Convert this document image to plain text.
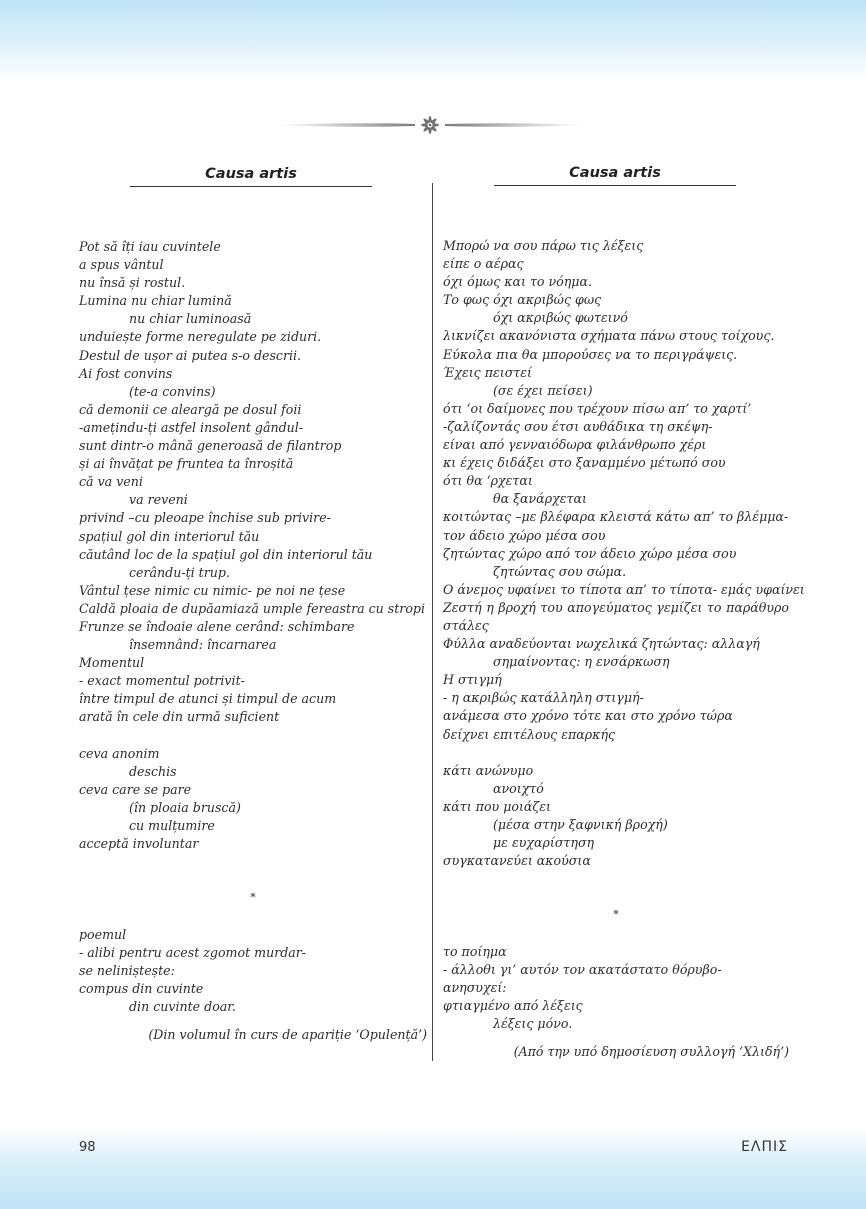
Causa artis	Causa artis
Pot să îți iau cuvintele
a spus vântul
nu însă și rostul.
Lumina nu chiar lumină
nu chiar luminoasă
unduiește forme neregulate pe ziduri.
Destul de ușor ai putea s-o descrii.
Ai fost convins
(te-a convins)
că demonii ce aleargă pe dosul foii
-amețindu-ți astfel insolent gândul-
sunt dintr-o mână generoasă de filantrop
și ai învățat pe fruntea ta înroșită
că va veni
va reveni
privind –cu pleoape închise sub privire-
spațiul gol din interiorul tău
căutând loc de la spațiul gol din interiorul tău
cerându-ți trup.
Vântul țese nimic cu nimic- pe noi ne țese
Caldă ploaia de dupăamiază umple fereastra cu stropi
Frunze se îndoaie alene cerând: schimbare
însemnând: încarnarea
Momentul
- exact momentul potrivit-
între timpul de atunci și timpul de acum
arată în cele din urmă suficient
ceva anonim
deschis
ceva care se pare
(în ploaia bruscă)
cu mulțumire
acceptă involuntar
*
poemul
- alibi pentru acest zgomot murdar-
se neliniștește:
compus din cuvinte
din cuvinte doar.
(Din volumul în curs de apariție ‘Opulență’)
Μπορώ να σου πάρω τις λέξεις
είπε ο αέρας
όχι όμως και το νόημα.
Το φως όχι ακριβώς φως
όχι ακριβώς φωτεινό
λικνίζει ακανόνιστα σχήματα πάνω στους τοίχους.
Εύκολα πια θα μπορούσες να το περιγράψεις.
Έχεις πειστεί
(σε έχει πείσει)
ότι ‘οι δαίμονες που τρέχουν πίσω απ’ το χαρτί’
-ζαλίζοντάς σου έτσι αυθάδικα τη σκέψη-
είναι από γενναιόδωρα φιλάνθρωπο χέρι
κι έχεις διδάξει στο ξαναμμένο μέτωπό σου
ότι θα ‘ρχεται
θα ξανάρχεται
κοιτώντας –με βλέφαρα κλειστά κάτω απ’ το βλέμμα-
τον άδειο χώρο μέσα σου
ζητώντας χώρο από τον άδειο χώρο μέσα σου
ζητώντας σου σώμα.
Ο άνεμος υφαίνει το τίποτα απ’ το τίποτα- εμάς υφαίνει
Ζεστή η βροχή του απογεύματος γεμίζει το παράθυρο
στάλες
Φύλλα αναδεύονται νωχελικά ζητώντας: αλλαγή
σημαίνοντας: η ενσάρκωση
Η στιγμή
- η ακριβώς κατάλληλη στιγμή-
ανάμεσα στο χρόνο τότε και στο χρόνο τώρα
δείχνει επιτέλους επαρκής
κάτι ανώνυμο
ανοιχτό
κάτι που μοιάζει
(μέσα στην ξαφνική βροχή)
με ευχαρίστηση
συγκατανεύει ακούσια
*
το ποίημα
- άλλοθι γι’ αυτόν τον ακατάστατο θόρυβο-
ανησυχεί:
φτιαγμένο από λέξεις
λέξεις μόνο.
(Από την υπό δημοσίευση συλλογή ‘Χλιδή’)
98	ΕΛΠΙΣ
